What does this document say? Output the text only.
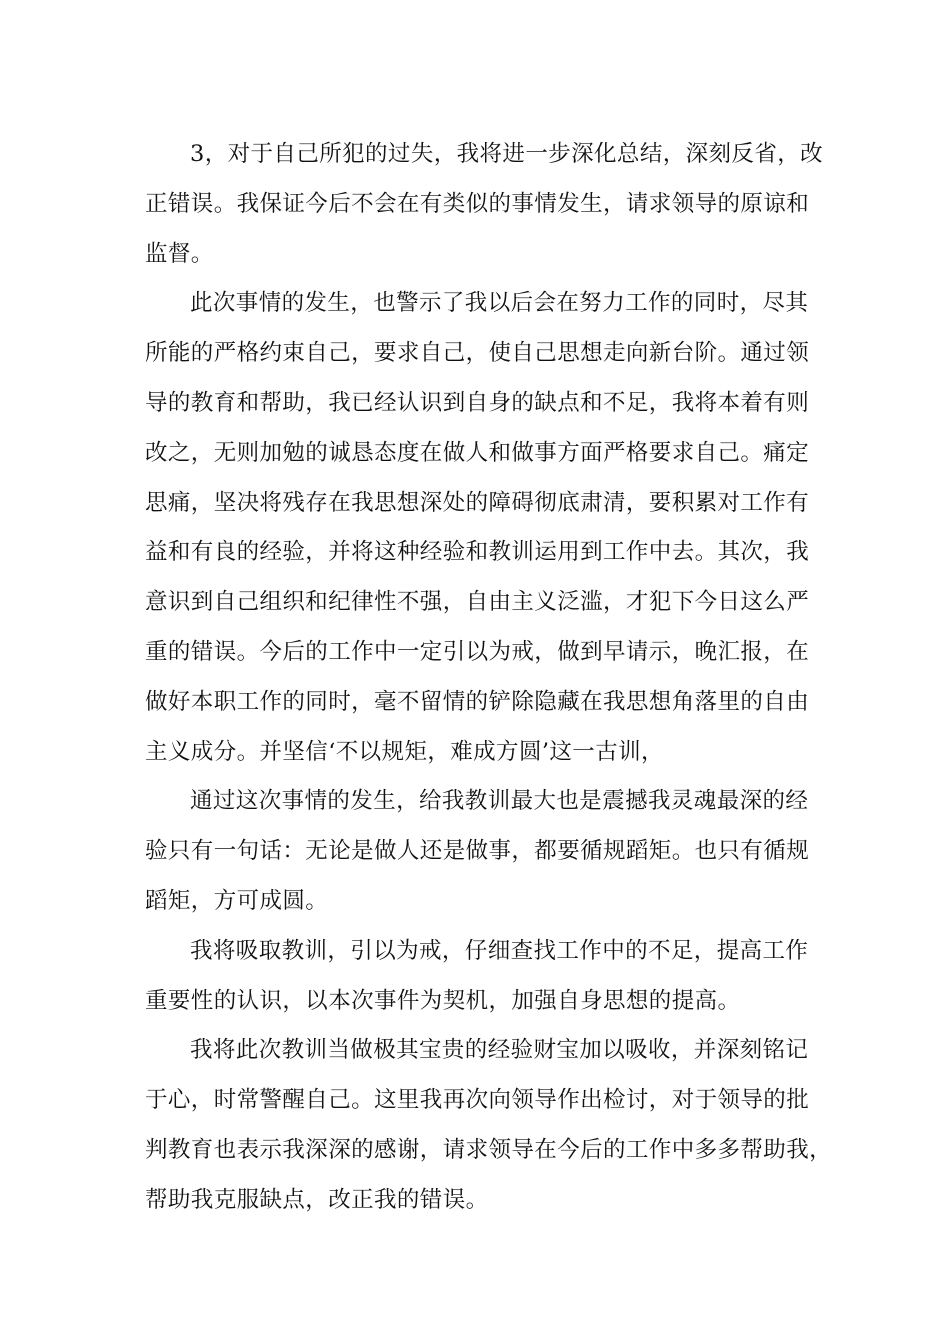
3，对于自己所犯的过失，我将进一步深化总结，深刻反省，改
正错误。我保证今后不会在有类似的事情发生，请求领导的原谅和
监督。

此次事情的发生，也警示了我以后会在努力工作的同时，尽其
所能的严格约束自己，要求自己，使自己思想走向新台阶。通过领
导的教育和帮助，我已经认识到自身的缺点和不足，我将本着有则
改之，无则加勉的诚恳态度在做人和做事方面严格要求自己。痛定
思痛，坚决将残存在我思想深处的障碍彻底肃清，要积累对工作有
益和有良的经验，并将这种经验和教训运用到工作中去。其次，我
意识到自己组织和纪律性不强，自由主义泛滥，才犯下今日这么严
重的错误。今后的工作中一定引以为戒，做到早请示，晚汇报，在
做好本职工作的同时，毫不留情的铲除隐藏在我思想角落里的自由
主义成分。并坚信‘不以规矩，难成方圆’这一古训，

通过这次事情的发生，给我教训最大也是震撼我灵魂最深的经
验只有一句话：无论是做人还是做事，都要循规蹈矩。也只有循规
蹈矩，方可成圆。

我将吸取教训，引以为戒，仔细查找工作中的不足，提高工作
重要性的认识，以本次事件为契机，加强自身思想的提高。

我将此次教训当做极其宝贵的经验财宝加以吸收，并深刻铭记
于心，时常警醒自己。这里我再次向领导作出检讨，对于领导的批
判教育也表示我深深的感谢，请求领导在今后的工作中多多帮助我，
帮助我克服缺点，改正我的错误。
